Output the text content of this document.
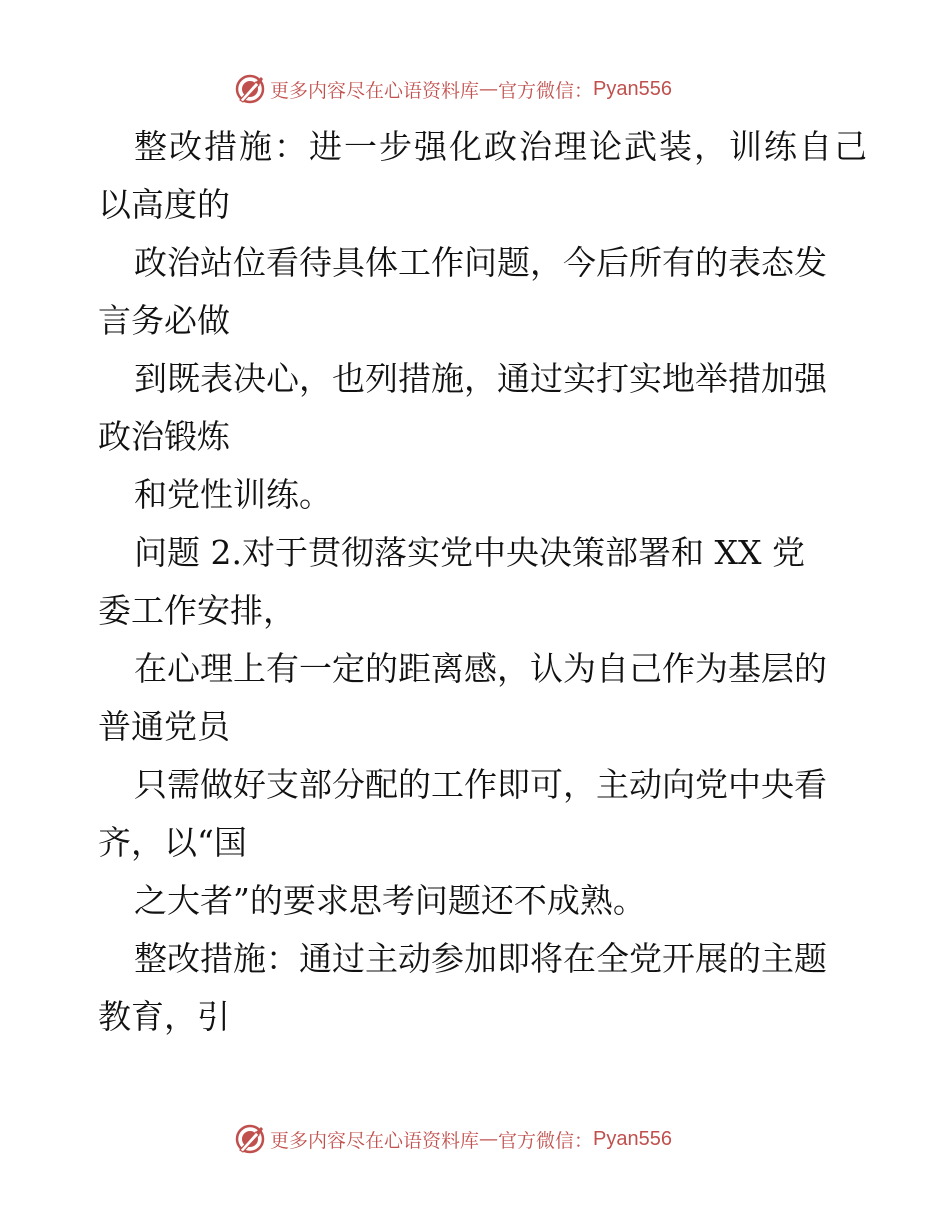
更多内容尽在心语资料库 — 官方微信： Pyan556
整改措施：进一步强化政治理论武装，训练自己
以高度的
政治站位看待具体工作问题，今后所有的表态发
言务必做
到既表决心，也列措施，通过实打实地举措加强
政治锻炼
和党性训练。
问题 2.对于贯彻落实党中央决策部署和 XX 党
委工作安排，
在心理上有一定的距离感，认为自己作为基层的
普通党员
只需做好支部分配的工作即可，主动向党中央看
齐，以“国
之大者”的要求思考问题还不成熟。
整改措施：通过主动参加即将在全党开展的主题
教育，引
更多内容尽在心语资料库 — 官方微信： Pyan556
